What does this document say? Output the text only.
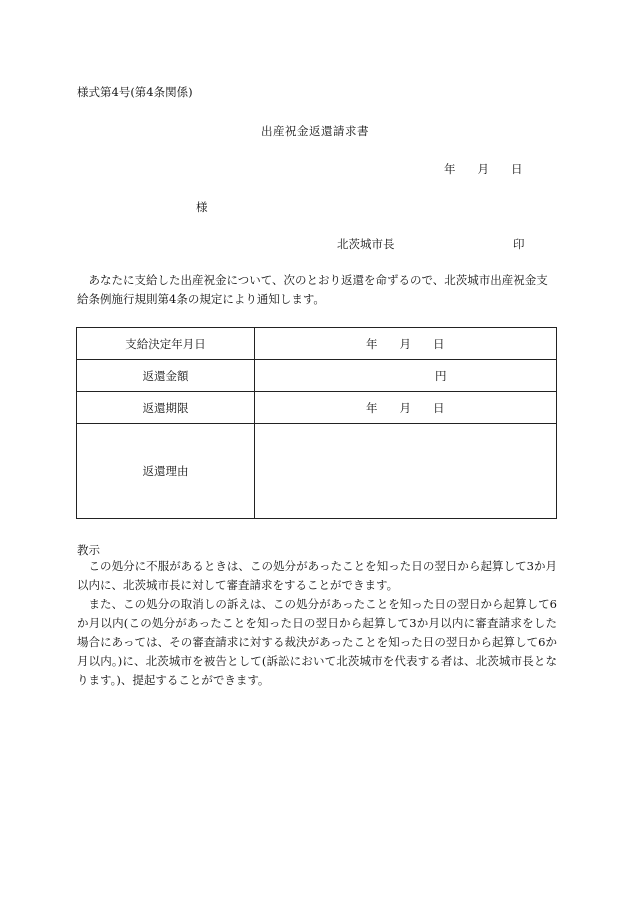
様式第4号(第4条関係)
出産祝金返還請求書
年 月 日
様
北茨城市長	印

あなたに支給した出産祝金について、次のとおり返還を命ずるので、北茨城市出産祝金支給条例施行規則第4条の規定により通知します。

支給決定年月日	年 月 日
返還金額	円
返還期限	年 月 日
返還理由	
教示

この処分に不服があるときは、この処分があったことを知った日の翌日から起算して3か月以内に、北茨城市長に対して審査請求をすることができます。

また、この処分の取消しの訴えは、この処分があったことを知った日の翌日から起算して6か月以内(この処分があったことを知った日の翌日から起算して3か月以内に審査請求をした場合にあっては、その審査請求に対する裁決があったことを知った日の翌日から起算して6か月以内。)に、北茨城市を被告として(訴訟において北茨城市を代表する者は、北茨城市長となります。)、提起することができます。
